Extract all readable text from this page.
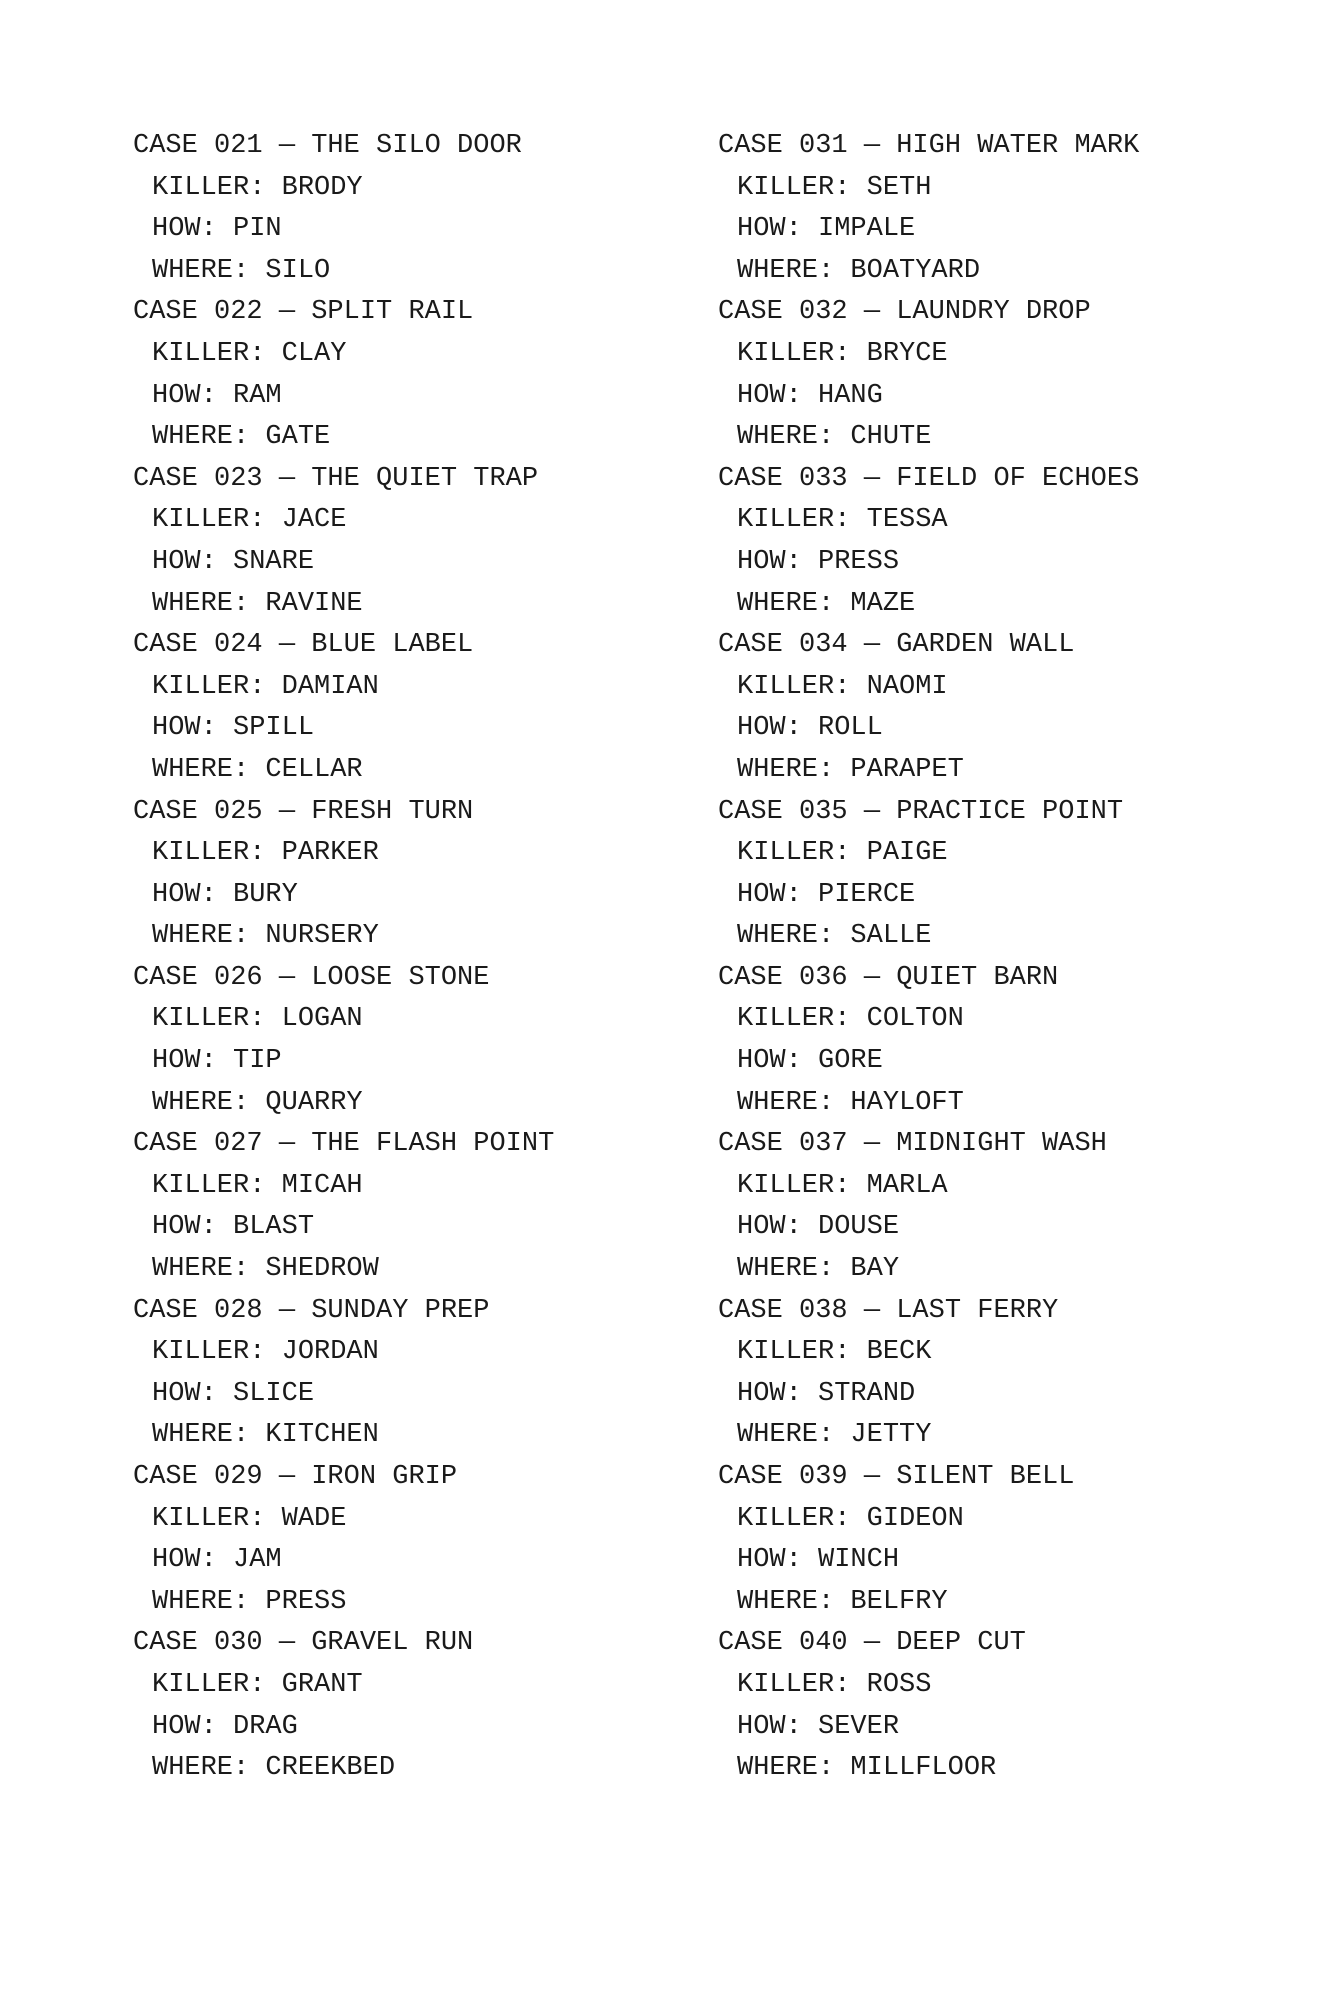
CASE 021 — THE SILO DOOR
KILLER: BRODY
HOW: PIN
WHERE: SILO
CASE 022 — SPLIT RAIL
KILLER: CLAY
HOW: RAM
WHERE: GATE
CASE 023 — THE QUIET TRAP
KILLER: JACE
HOW: SNARE
WHERE: RAVINE
CASE 024 — BLUE LABEL
KILLER: DAMIAN
HOW: SPILL
WHERE: CELLAR
CASE 025 — FRESH TURN
KILLER: PARKER
HOW: BURY
WHERE: NURSERY
CASE 026 — LOOSE STONE
KILLER: LOGAN
HOW: TIP
WHERE: QUARRY
CASE 027 — THE FLASH POINT
KILLER: MICAH
HOW: BLAST
WHERE: SHEDROW
CASE 028 — SUNDAY PREP
KILLER: JORDAN
HOW: SLICE
WHERE: KITCHEN
CASE 029 — IRON GRIP
KILLER: WADE
HOW: JAM
WHERE: PRESS
CASE 030 — GRAVEL RUN
KILLER: GRANT
HOW: DRAG
WHERE: CREEKBED
CASE 031 — HIGH WATER MARK
KILLER: SETH
HOW: IMPALE
WHERE: BOATYARD
CASE 032 — LAUNDRY DROP
KILLER: BRYCE
HOW: HANG
WHERE: CHUTE
CASE 033 — FIELD OF ECHOES
KILLER: TESSA
HOW: PRESS
WHERE: MAZE
CASE 034 — GARDEN WALL
KILLER: NAOMI
HOW: ROLL
WHERE: PARAPET
CASE 035 — PRACTICE POINT
KILLER: PAIGE
HOW: PIERCE
WHERE: SALLE
CASE 036 — QUIET BARN
KILLER: COLTON
HOW: GORE
WHERE: HAYLOFT
CASE 037 — MIDNIGHT WASH
KILLER: MARLA
HOW: DOUSE
WHERE: BAY
CASE 038 — LAST FERRY
KILLER: BECK
HOW: STRAND
WHERE: JETTY
CASE 039 — SILENT BELL
KILLER: GIDEON
HOW: WINCH
WHERE: BELFRY
CASE 040 — DEEP CUT
KILLER: ROSS
HOW: SEVER
WHERE: MILLFLOOR
